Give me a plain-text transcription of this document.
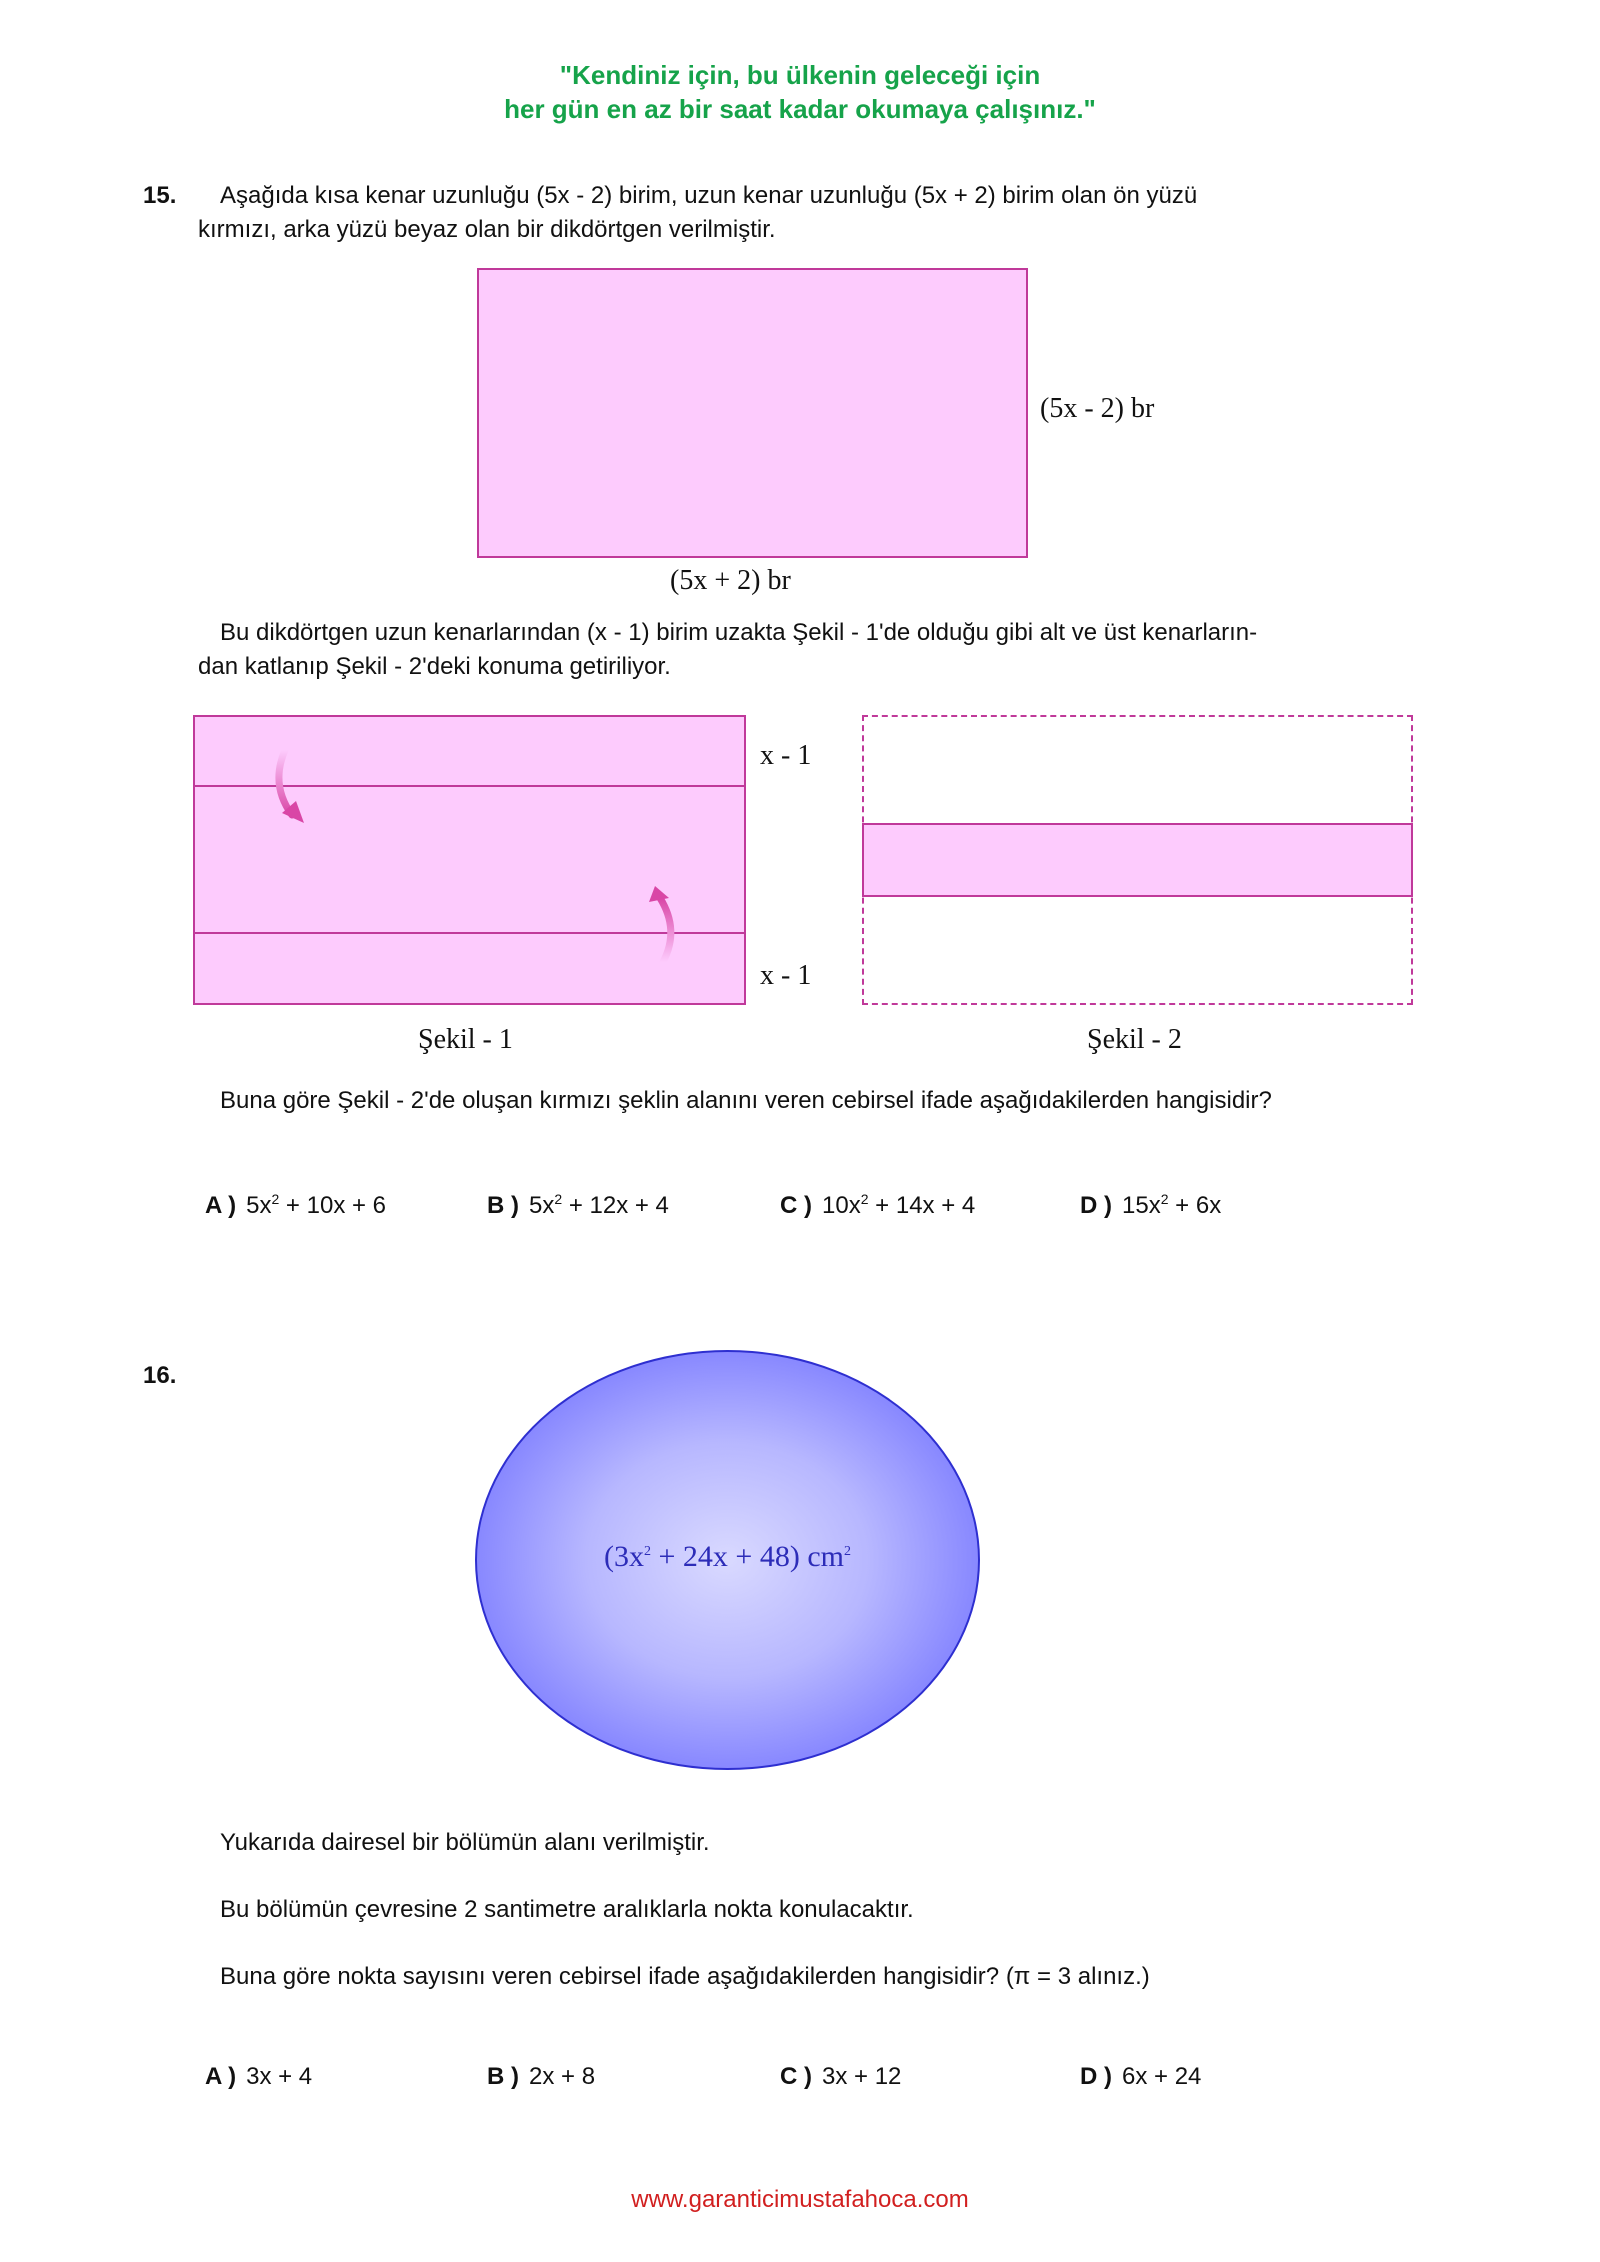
"Kendiniz için, bu ülkenin geleceği için
her gün en az bir saat kadar okumaya çalışınız."
15. Aşağıda kısa kenar uzunluğu (5x - 2) birim, uzun kenar uzunluğu (5x + 2) birim olan ön yüzü
kırmızı, arka yüzü beyaz olan bir dikdörtgen verilmiştir.
(5x - 2) br
(5x + 2) br
Bu dikdörtgen uzun kenarlarından (x - 1) birim uzakta Şekil - 1'de olduğu gibi alt ve üst kenarların-
dan katlanıp Şekil - 2'deki konuma getiriliyor.
x - 1
x - 1
Şekil - 1	Şekil - 2
Buna göre Şekil - 2'de oluşan kırmızı şeklin alanını veren cebirsel ifade aşağıdakilerden hangisidir?
A ) $5x^2 + 10x + 6$	B ) $5x^2 + 12x + 4$	C ) $10x^2 + 14x + 4$	D ) $15x^2 + 6x$
16.
$(3x^2 + 24x + 48)$ $cm^2$
Yukarıda dairesel bir bölümün alanı verilmiştir.
Bu bölümün çevresine 2 santimetre aralıklarla nokta konulacaktır.
Buna göre nokta sayısını veren cebirsel ifade aşağıdakilerden hangisidir? (π = 3 alınız.)
A ) 3x + 4	B ) 2x + 8	C ) 3x + 12	D ) 6x + 24
www.garanticimustafahoca.com
